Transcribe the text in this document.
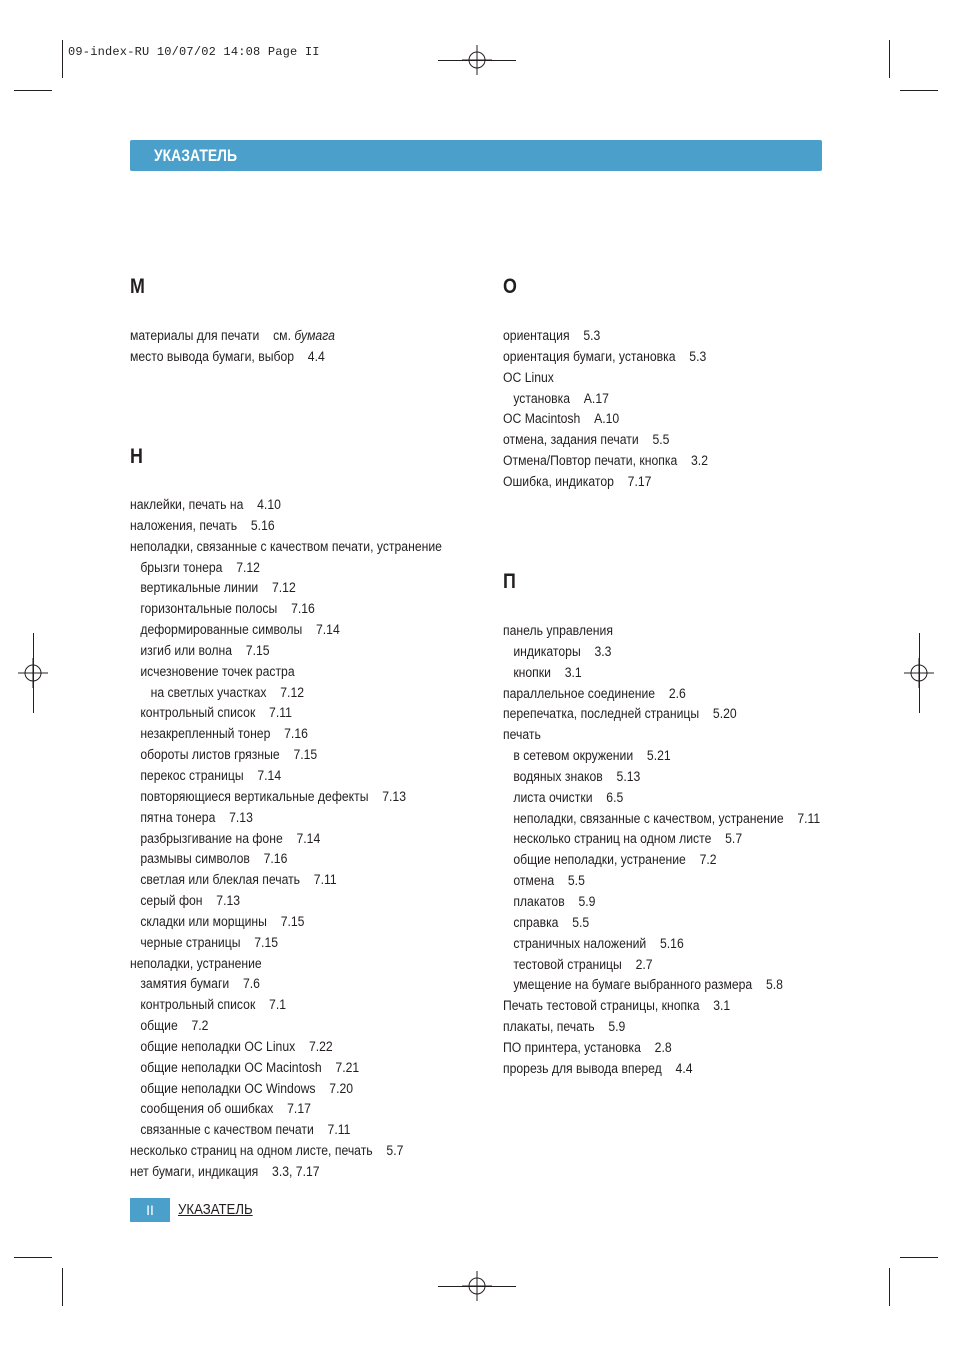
09-index-RU 10/07/02 14:08 Page II
УКАЗАТЕЛЬ
М
Н
О
П
материалы для печати см. бумага
место вывода бумаги, выбор 4.4
наклейки, печать на 4.10
наложения, печать 5.16
неполадки, связанные с качеством печати, устранение
брызги тонера 7.12
вертикальные линии 7.12
горизонтальные полосы 7.16
деформированные символы 7.14
изгиб или волна 7.15
исчезновение точек растра
на светлых участках 7.12
контрольный список 7.11
незакрепленный тонер 7.16
обороты листов грязные 7.15
перекос страницы 7.14
повторяющиеся вертикальные дефекты 7.13
пятна тонера 7.13
разбрызгивание на фоне 7.14
размывы символов 7.16
светлая или блеклая печать 7.11
серый фон 7.13
складки или морщины 7.15
черные страницы 7.15
неполадки, устранение
замятия бумаги 7.6
контрольный список 7.1
общие 7.2
общие неполадки ОС Linux 7.22
общие неполадки ОС Macintosh 7.21
общие неполадки ОС Windows 7.20
сообщения об ошибках 7.17
связанные с качеством печати 7.11
несколько страниц на одном листе, печать 5.7
нет бумаги, индикация 3.3, 7.17
ориентация 5.3
ориентация бумаги, установка 5.3
ОС Linux
установка A.17
ОС Macintosh A.10
отмена, задания печати 5.5
Отмена/Повтор печати, кнопка 3.2
Ошибка, индикатор 7.17
панель управления
индикаторы 3.3
кнопки 3.1
параллельное соединение 2.6
перепечатка, последней страницы 5.20
печать
в сетевом окружении 5.21
водяных знаков 5.13
листа очистки 6.5
неполадки, связанные с качеством, устранение 7.11
несколько страниц на одном листе 5.7
общие неполадки, устранение 7.2
отмена 5.5
плакатов 5.9
справка 5.5
страничных наложений 5.16
тестовой страницы 2.7
умещение на бумаге выбранного размера 5.8
Печать тестовой страницы, кнопка 3.1
плакаты, печать 5.9
ПО принтера, установка 2.8
прорезь для вывода вперед 4.4
II	УКАЗАТЕЛЬ
